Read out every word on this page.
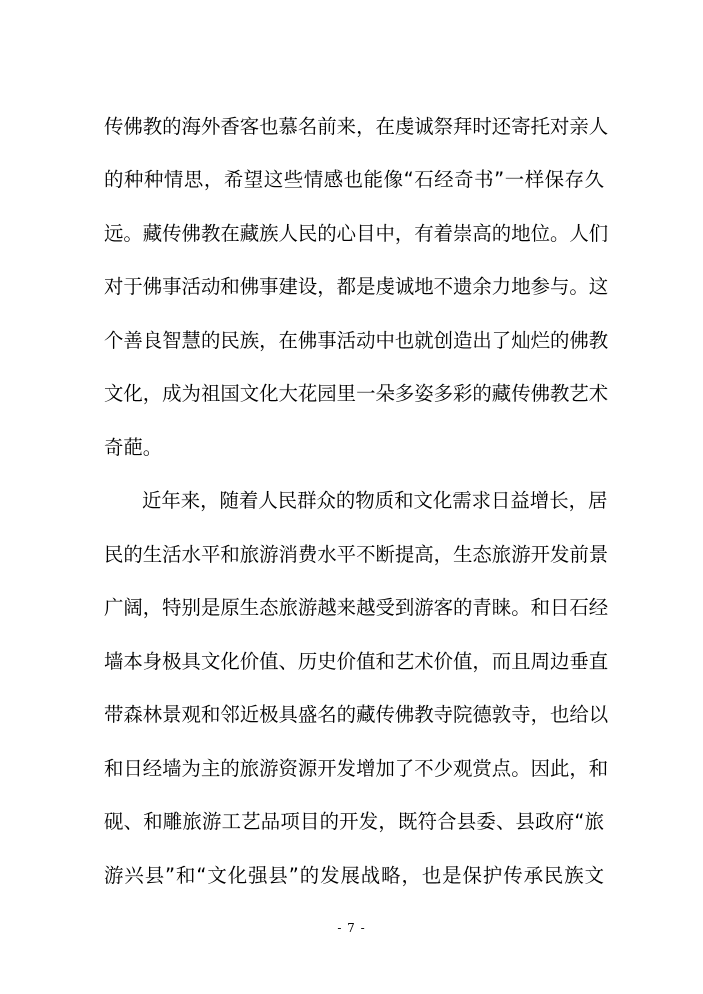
传佛教的海外香客也慕名前来，在虔诚祭拜时还寄托对亲人
的种种情思，希望这些情感也能像“石经奇书”一样保存久
远。藏传佛教在藏族人民的心目中，有着崇高的地位。人们
对于佛事活动和佛事建设，都是虔诚地不遗余力地参与。这
个善良智慧的民族，在佛事活动中也就创造出了灿烂的佛教
文化，成为祖国文化大花园里一朵多姿多彩的藏传佛教艺术
奇葩。
近年来，随着人民群众的物质和文化需求日益增长，居
民的生活水平和旅游消费水平不断提高，生态旅游开发前景
广阔，特别是原生态旅游越来越受到游客的青睐。和日石经
墙本身极具文化价值、历史价值和艺术价值，而且周边垂直
带森林景观和邻近极具盛名的藏传佛教寺院德敦寺，也给以
和日经墙为主的旅游资源开发增加了不少观赏点。因此，和
砚、和雕旅游工艺品项目的开发，既符合县委、县政府“旅
游兴县”和“文化强县”的发展战略，也是保护传承民族文
- 7 -
